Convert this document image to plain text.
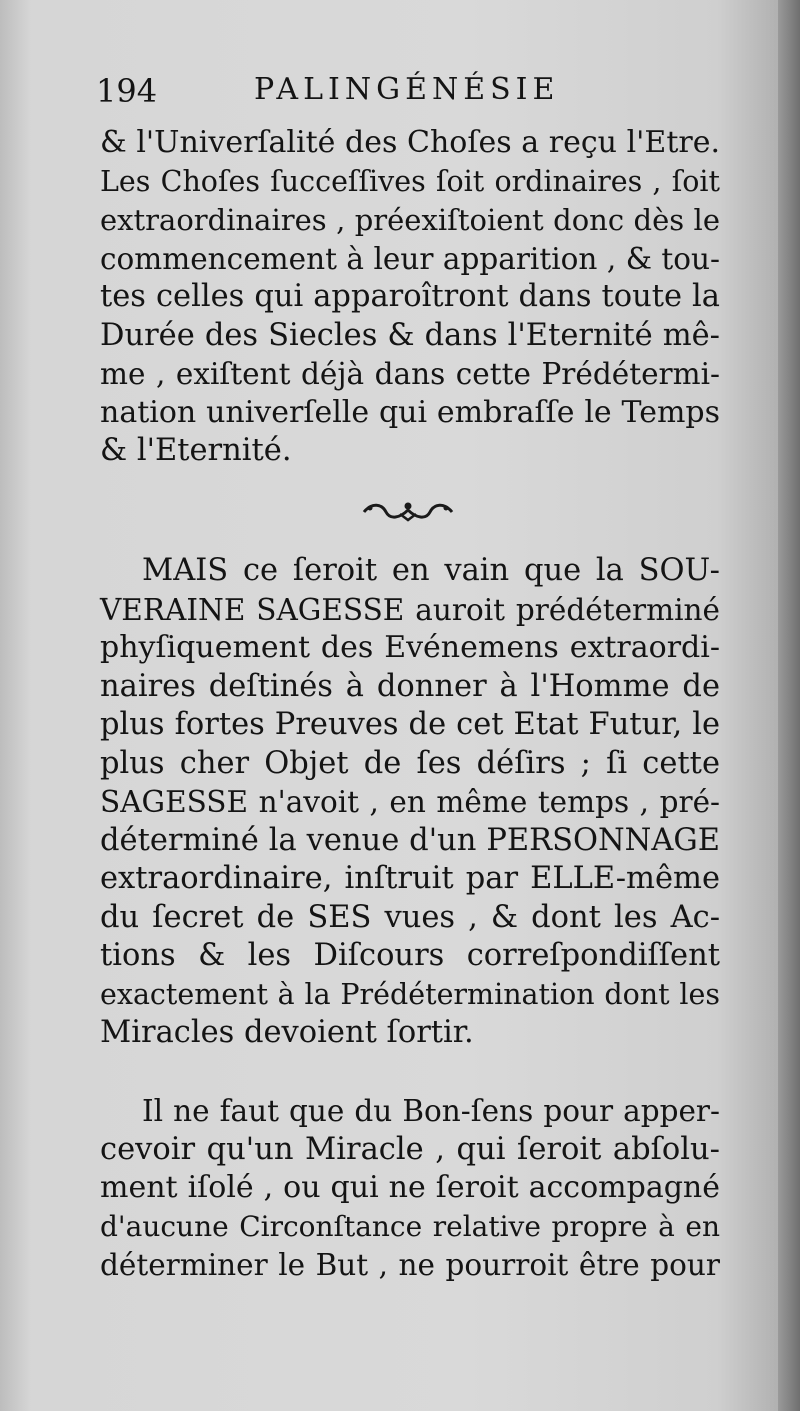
194	PALINGÉNÉSIE
& l'Univerſalité des Choſes a reçu l'Etre.
Les Choſes ſucceſſives ſoit ordinaires , ſoit
extraordinaires , préexiſtoient donc dès le
commencement à leur apparition , & tou-
tes celles qui apparoîtront dans toute la
Durée des Siecles & dans l'Eternité mê-
me , exiſtent déjà dans cette Prédétermi-
nation univerſelle qui embraſſe le Temps
& l'Eternité.
MAIS ce ſeroit en vain que la SOU-
VERAINE SAGESSE auroit prédéterminé
phyſiquement des Evénemens extraordi-
naires deſtinés à donner à l'Homme de
plus fortes Preuves de cet Etat Futur, le
plus cher Objet de ſes déſirs ; ſi cette
SAGESSE n'avoit , en même temps , pré-
déterminé la venue d'un PERSONNAGE
extraordinaire, inſtruit par ELLE-même
du ſecret de SES vues , & dont les Ac-
tions & les Diſcours correſpondiſſent
exactement à la Prédétermination dont les
Miracles devoient ſortir.
Il ne faut que du Bon-ſens pour apper-
cevoir qu'un Miracle , qui ſeroit abſolu-
ment iſolé , ou qui ne ſeroit accompagné
d'aucune Circonſtance relative propre à en
déterminer le But , ne pourroit être pour
